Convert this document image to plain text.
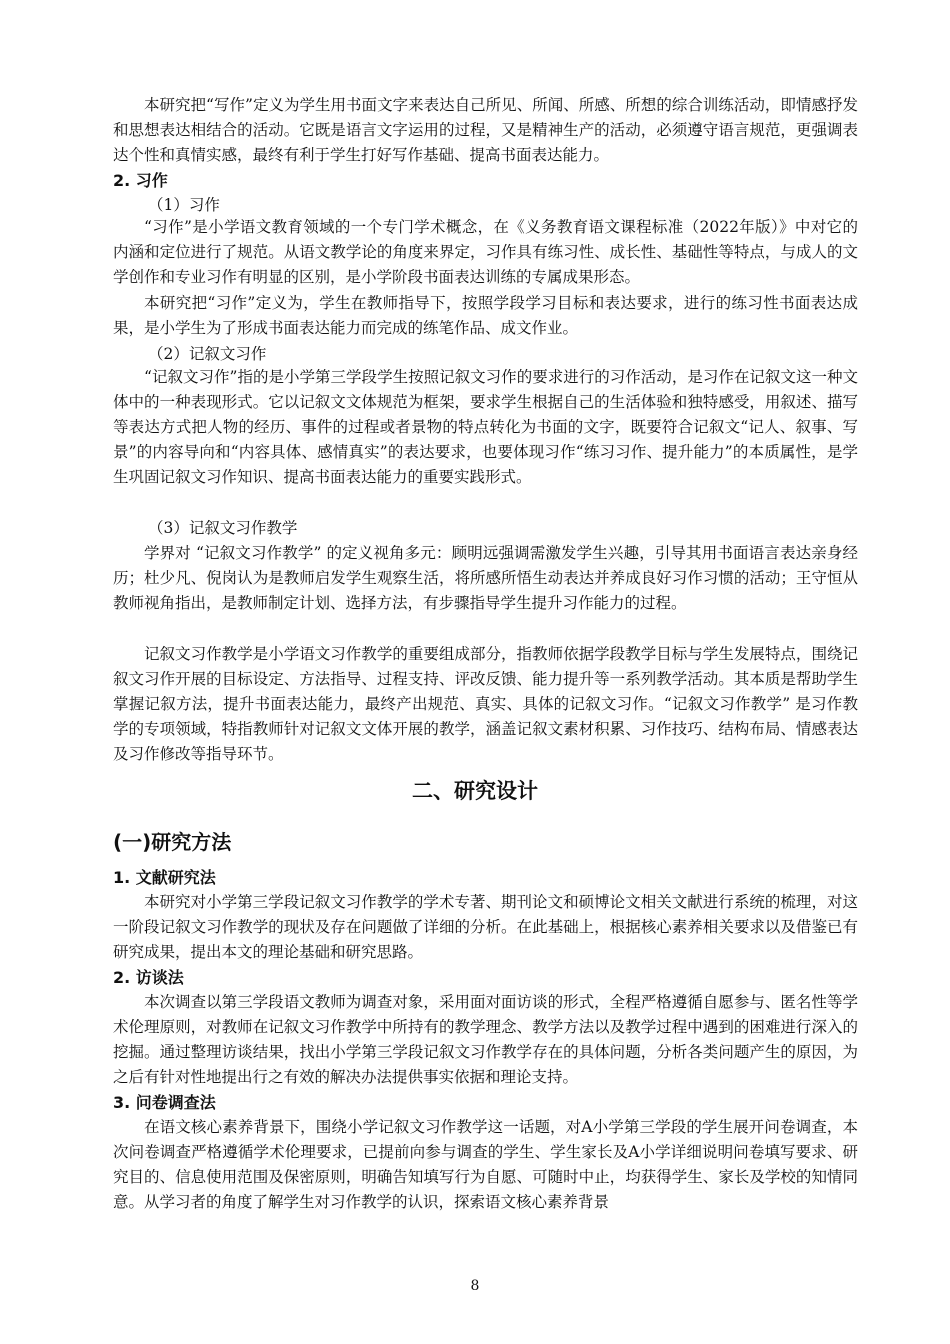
本研究把“写作”定义为学生用书面文字来表达自己所见、所闻、所感、所想的综合训练活动，即情感抒发和思想表达相结合的活动。它既是语言文字运用的过程，又是精神生产的活动，必须遵守语言规范，更强调表达个性和真情实感，最终有利于学生打好写作基础、提高书面表达能力。

2. 习作

（1）习作

“习作”是小学语文教育领域的一个专门学术概念，在《义务教育语文课程标准（2022年版）》中对它的内涵和定位进行了规范。从语文教学论的角度来界定，习作具有练习性、成长性、基础性等特点，与成人的文学创作和专业习作有明显的区别，是小学阶段书面表达训练的专属成果形态。

本研究把“习作”定义为，学生在教师指导下，按照学段学习目标和表达要求，进行的练习性书面表达成果，是小学生为了形成书面表达能力而完成的练笔作品、成文作业。

（2）记叙文习作

“记叙文习作”指的是小学第三学段学生按照记叙文习作的要求进行的习作活动，是习作在记叙文这一种文体中的一种表现形式。它以记叙文文体规范为框架，要求学生根据自己的生活体验和独特感受，用叙述、描写等表达方式把人物的经历、事件的过程或者景物的特点转化为书面的文字，既要符合记叙文“记人、叙事、写景”的内容导向和“内容具体、感情真实”的表达要求，也要体现习作“练习习作、提升能力”的本质属性，是学生巩固记叙文习作知识、提高书面表达能力的重要实践形式。

（3）记叙文习作教学

学界对 “记叙文习作教学” 的定义视角多元：顾明远强调需激发学生兴趣，引导其用书面语言表达亲身经历；杜少凡、倪岗认为是教师启发学生观察生活，将所感所悟生动表达并养成良好习作习惯的活动；王守恒从教师视角指出，是教师制定计划、选择方法，有步骤指导学生提升习作能力的过程。

记叙文习作教学是小学语文习作教学的重要组成部分，指教师依据学段教学目标与学生发展特点，围绕记叙文习作开展的目标设定、方法指导、过程支持、评改反馈、能力提升等一系列教学活动。其本质是帮助学生掌握记叙方法，提升书面表达能力，最终产出规范、真实、具体的记叙文习作。“记叙文习作教学” 是习作教学的专项领域，特指教师针对记叙文文体开展的教学，涵盖记叙文素材积累、习作技巧、结构布局、情感表达及习作修改等指导环节。

二、研究设计
(一)研究方法

1. 文献研究法

本研究对小学第三学段记叙文习作教学的学术专著、期刊论文和硕博论文相关文献进行系统的梳理，对这一阶段记叙文习作教学的现状及存在问题做了详细的分析。在此基础上，根据核心素养相关要求以及借鉴已有研究成果，提出本文的理论基础和研究思路。

2. 访谈法

本次调查以第三学段语文教师为调查对象，采用面对面访谈的形式，全程严格遵循自愿参与、匿名性等学术伦理原则，对教师在记叙文习作教学中所持有的教学理念、教学方法以及教学过程中遇到的困难进行深入的挖掘。通过整理访谈结果，找出小学第三学段记叙文习作教学存在的具体问题，分析各类问题产生的原因，为之后有针对性地提出行之有效的解决办法提供事实依据和理论支持。

3. 问卷调查法

在语文核心素养背景下，围绕小学记叙文习作教学这一话题，对A小学第三学段的学生展开问卷调查，本次问卷调查严格遵循学术伦理要求，已提前向参与调查的学生、学生家长及A小学详细说明问卷填写要求、研究目的、信息使用范围及保密原则，明确告知填写行为自愿、可随时中止，均获得学生、家长及学校的知情同意。从学习者的角度了解学生对习作教学的认识，探索语文核心素养背景

8
